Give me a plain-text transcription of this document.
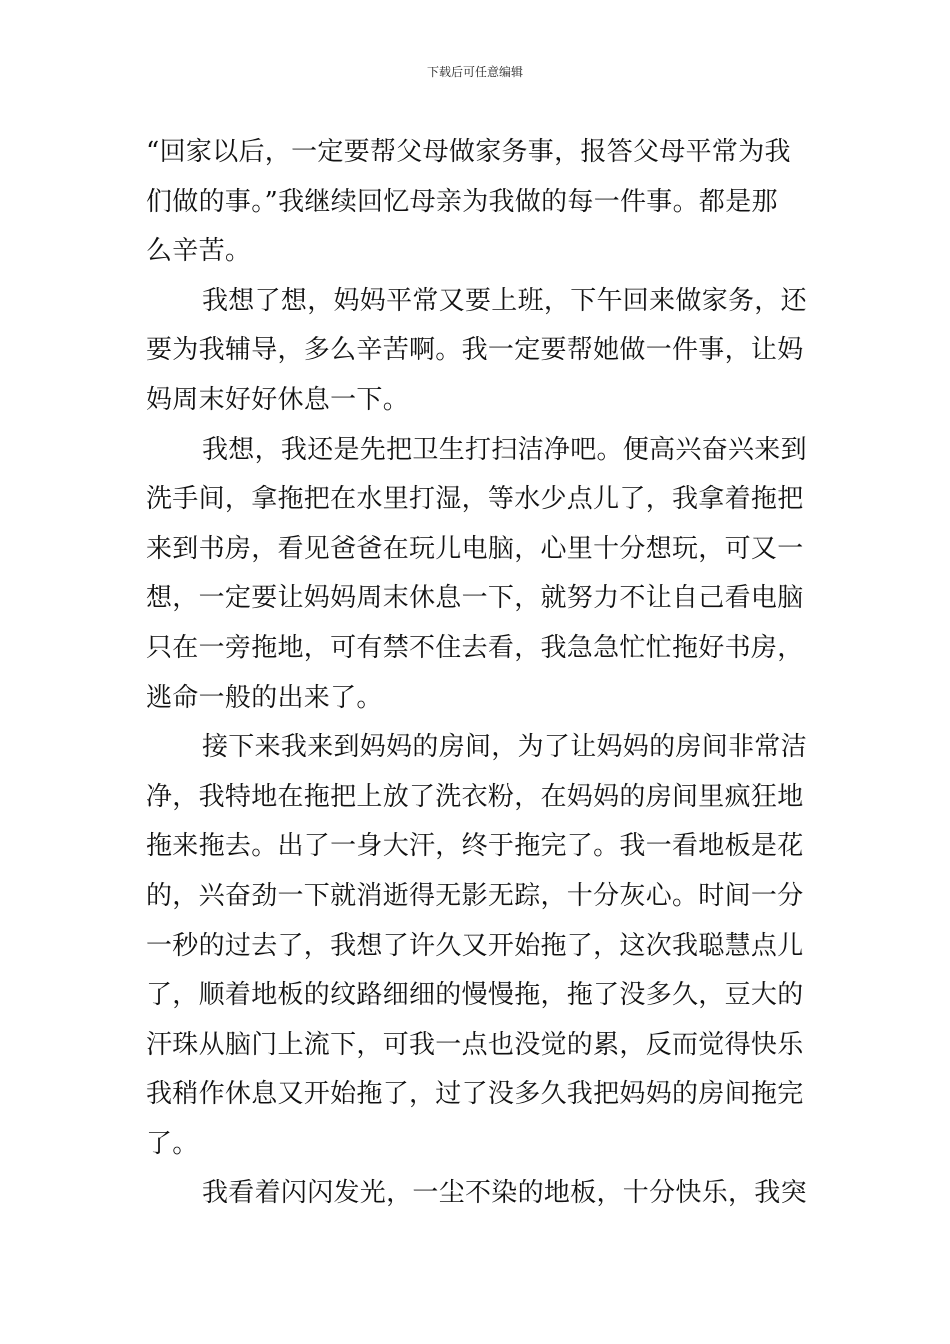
下载后可任意编辑
“回家以后，一定要帮父母做家务事，报答父母平常为我
们做的事。”我继续回忆母亲为我做的每一件事。都是那
么辛苦。
我想了想，妈妈平常又要上班，下午回来做家务，还
要为我辅导，多么辛苦啊。我一定要帮她做一件事，让妈
妈周末好好休息一下。
我想，我还是先把卫生打扫洁净吧。便高兴奋兴来到
洗手间，拿拖把在水里打湿，等水少点儿了，我拿着拖把
来到书房，看见爸爸在玩儿电脑，心里十分想玩，可又一
想，一定要让妈妈周末休息一下，就努力不让自己看电脑
只在一旁拖地，可有禁不住去看，我急急忙忙拖好书房，
逃命一般的出来了。
接下来我来到妈妈的房间，为了让妈妈的房间非常洁
净，我特地在拖把上放了洗衣粉，在妈妈的房间里疯狂地
拖来拖去。出了一身大汗，终于拖完了。我一看地板是花
的，兴奋劲一下就消逝得无影无踪，十分灰心。时间一分
一秒的过去了，我想了许久又开始拖了，这次我聪慧点儿
了，顺着地板的纹路细细的慢慢拖，拖了没多久，豆大的
汗珠从脑门上流下，可我一点也没觉的累，反而觉得快乐
我稍作休息又开始拖了，过了没多久我把妈妈的房间拖完
了。
我看着闪闪发光，一尘不染的地板，十分快乐，我突
